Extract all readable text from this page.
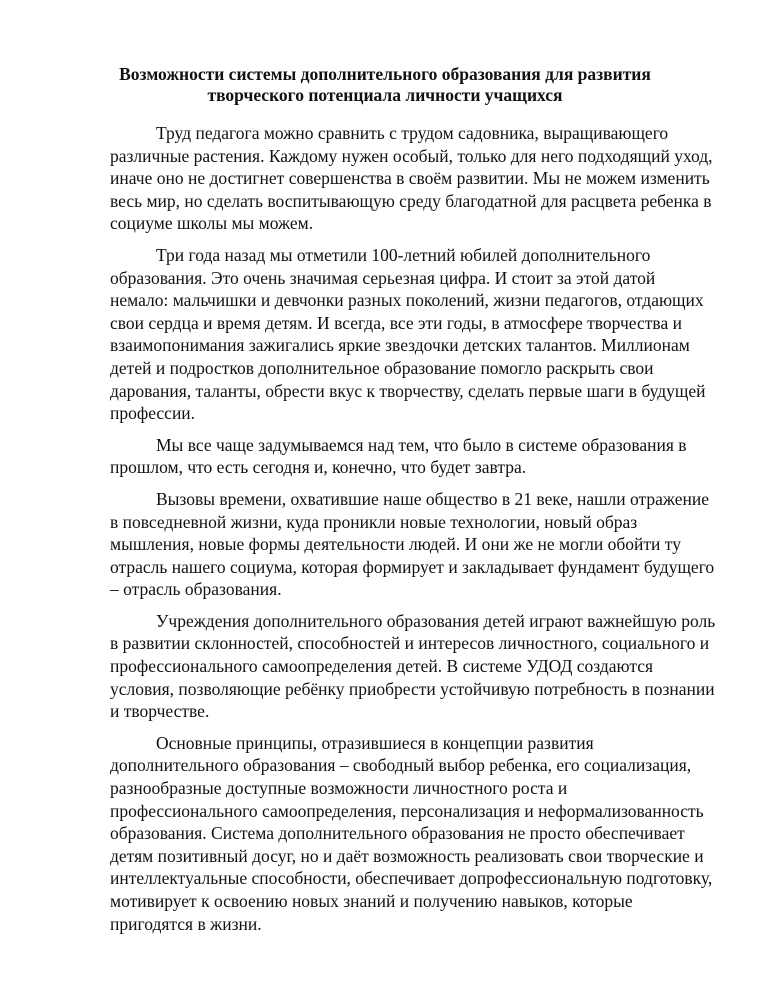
Возможности системы дополнительного образования для развития
творческого потенциала личности учащихся

Труд педагога можно сравнить с трудом садовника, выращивающего различные растения. Каждому нужен особый, только для него подходящий уход, иначе оно не достигнет совершенства в своём развитии. Мы не можем изменить весь мир, но сделать воспитывающую среду благодатной для расцвета ребенка в социуме школы мы можем.

Три года назад мы отметили 100-летний юбилей дополнительного образования. Это очень значимая серьезная цифра. И стоит за этой датой немало: мальчишки и девчонки разных поколений, жизни педагогов, отдающих свои сердца и время детям. И всегда, все эти годы, в атмосфере творчества и взаимопонимания зажигались яркие звездочки детских талантов. Миллионам детей и подростков дополнительное образование помогло раскрыть свои дарования, таланты, обрести вкус к творчеству, сделать первые шаги в будущей профессии.

Мы все чаще задумываемся над тем, что было в системе образования в прошлом, что есть сегодня и, конечно, что будет завтра.

Вызовы времени, охватившие наше общество в 21 веке, нашли отражение в повседневной жизни, куда проникли новые технологии, новый образ мышления, новые формы деятельности людей. И они же не могли обойти ту отрасль нашего социума, которая формирует и закладывает фундамент будущего – отрасль образования.

Учреждения дополнительного образования детей играют важнейшую роль в развитии склонностей, способностей и интересов личностного, социального и профессионального самоопределения детей. В системе УДОД создаются условия, позволяющие ребёнку приобрести устойчивую потребность в познании и творчестве.

Основные принципы, отразившиеся в концепции развития дополнительного образования – свободный выбор ребенка, его социализация, разнообразные доступные возможности личностного роста и профессионального самоопределения, персонализация и неформализованность образования. Система дополнительного образования не просто обеспечивает детям позитивный досуг, но и даёт возможность реализовать свои творческие и интеллектуальные способности, обеспечивает допрофессиональную подготовку, мотивирует к освоению новых знаний и получению навыков, которые пригодятся в жизни.
